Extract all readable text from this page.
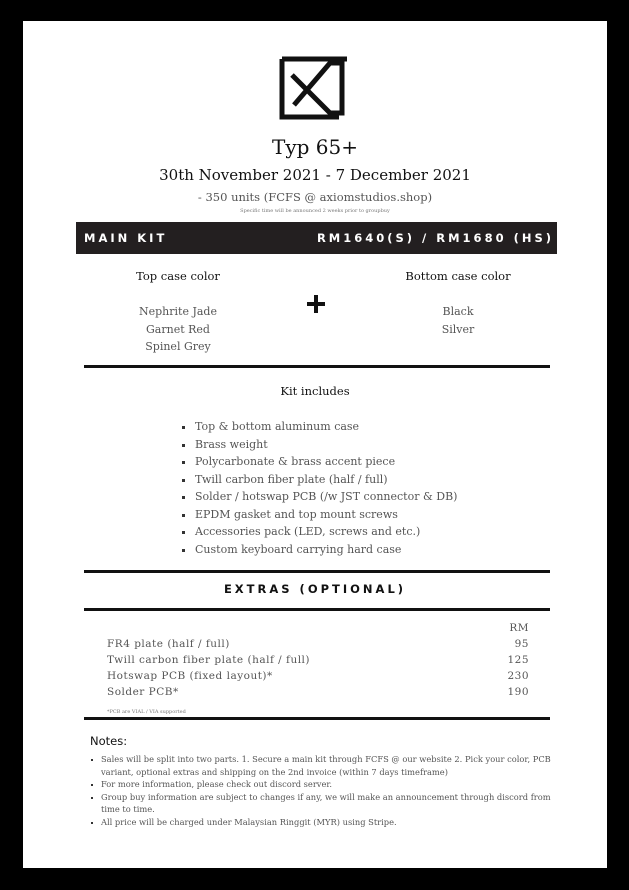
Typ 65+
30th November 2021 - 7 December 2021
- 350 units (FCFS @ axiomstudios.shop)
Specific time will be announced 2 weeks prior to groupbuy
MAIN KIT	RM1640(S) / RM1680 (HS)
Top case color
Nephrite Jade
Garnet Red
Spinel Grey
Bottom case color
Black
Silver
Kit includes
Top & bottom aluminum case
Brass weight
Polycarbonate & brass accent piece
Twill carbon fiber plate (half / full)
Solder / hotswap PCB (/w JST connector & DB)
EPDM gasket and top mount screws
Accessories pack (LED, screws and etc.)
Custom keyboard carrying hard case
EXTRAS (OPTIONAL)
RM
FR4 plate (half / full)	95
Twill carbon fiber plate (half / full)	125
Hotswap PCB (fixed layout)*	230
Solder PCB*	190
*PCB are VIAL / VIA supported
Notes:
Sales will be split into two parts. 1. Secure a main kit through FCFS @ our website 2. Pick your color, PCB variant, optional extras and shipping on the 2nd invoice (within 7 days timeframe)
For more information, please check out discord server.
Group buy information are subject to changes if any, we will make an announcement through discord from time to time.
All price will be charged under Malaysian Ringgit (MYR) using Stripe.
